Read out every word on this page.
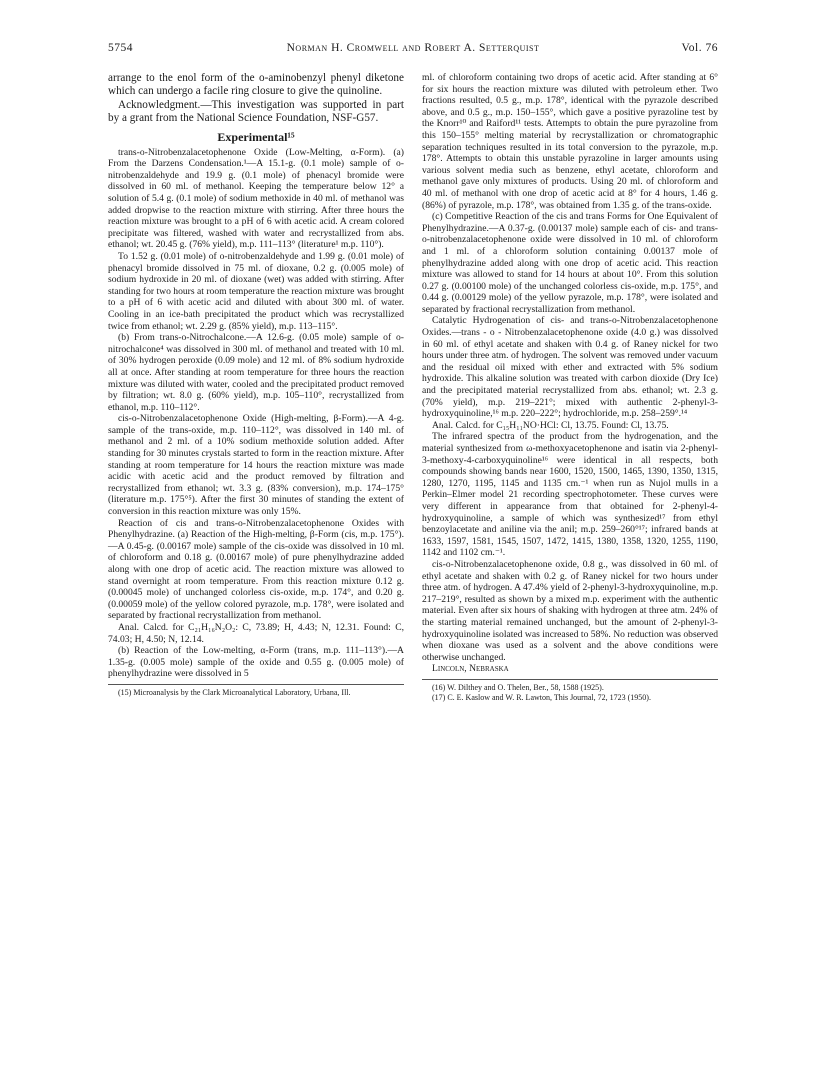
5754	Norman H. Cromwell and Robert A. Setterquist	Vol. 76

arrange to the enol form of the o-aminobenzyl phenyl diketone which can undergo a facile ring closure to give the quinoline.

Acknowledgment.—This investigation was supported in part by a grant from the National Science Foundation, NSF-G57.

Experimental¹⁵

trans-o-Nitrobenzalacetophenone Oxide (Low-Melting, α-Form). (a) From the Darzens Condensation.¹—A 15.1-g. (0.1 mole) sample of o-nitrobenzaldehyde and 19.9 g. (0.1 mole) of phenacyl bromide were dissolved in 60 ml. of methanol. Keeping the temperature below 12° a solution of 5.4 g. (0.1 mole) of sodium methoxide in 40 ml. of methanol was added dropwise to the reaction mixture with stirring. After three hours the reaction mixture was brought to a pH of 6 with acetic acid. A cream colored precipitate was filtered, washed with water and recrystallized from abs. ethanol; wt. 20.45 g. (76% yield), m.p. 111–113° (literature¹ m.p. 110°).

To 1.52 g. (0.01 mole) of o-nitrobenzaldehyde and 1.99 g. (0.01 mole) of phenacyl bromide dissolved in 75 ml. of dioxane, 0.2 g. (0.005 mole) of sodium hydroxide in 20 ml. of dioxane (wet) was added with stirring. After standing for two hours at room temperature the reaction mixture was brought to a pH of 6 with acetic acid and diluted with about 300 ml. of water. Cooling in an ice-bath precipitated the product which was recrystallized twice from ethanol; wt. 2.29 g. (85% yield), m.p. 113–115°.

(b) From trans-o-Nitrochalcone.—A 12.6-g. (0.05 mole) sample of o-nitrochalcone⁴ was dissolved in 300 ml. of methanol and treated with 10 ml. of 30% hydrogen peroxide (0.09 mole) and 12 ml. of 8% sodium hydroxide all at once. After standing at room temperature for three hours the reaction mixture was diluted with water, cooled and the precipitated product removed by filtration; wt. 8.0 g. (60% yield), m.p. 105–110°, recrystallized from ethanol, m.p. 110–112°.

cis-o-Nitrobenzalacetophenone Oxide (High-melting, β-Form).—A 4-g. sample of the trans-oxide, m.p. 110–112°, was dissolved in 140 ml. of methanol and 2 ml. of a 10% sodium methoxide solution added. After standing for 30 minutes crystals started to form in the reaction mixture. After standing at room temperature for 14 hours the reaction mixture was made acidic with acetic acid and the product removed by filtration and recrystallized from ethanol; wt. 3.3 g. (83% conversion), m.p. 174–175° (literature m.p. 175°⁵). After the first 30 minutes of standing the extent of conversion in this reaction mixture was only 15%.

Reaction of cis and trans-o-Nitrobenzalacetophenone Oxides with Phenylhydrazine. (a) Reaction of the High-melting, β-Form (cis, m.p. 175°).—A 0.45-g. (0.00167 mole) sample of the cis-oxide was dissolved in 10 ml. of chloroform and 0.18 g. (0.00167 mole) of pure phenylhydrazine added along with one drop of acetic acid. The reaction mixture was allowed to stand overnight at room temperature. From this reaction mixture 0.12 g. (0.00045 mole) of unchanged colorless cis-oxide, m.p. 174°, and 0.20 g. (0.00059 mole) of the yellow colored pyrazole, m.p. 178°, were isolated and separated by fractional recrystallization from methanol.

Anal. Calcd. for C₂₁H₁₆N₂O₂: C, 73.89; H, 4.43; N, 12.31. Found: C, 74.03; H, 4.50; N, 12.14.

(b) Reaction of the Low-melting, α-Form (trans, m.p. 111–113°).—A 1.35-g. (0.005 mole) sample of the oxide and 0.55 g. (0.005 mole) of phenylhydrazine were dissolved in 5

(15) Microanalysis by the Clark Microanalytical Laboratory, Urbana, Ill.

ml. of chloroform containing two drops of acetic acid. After standing at 6° for six hours the reaction mixture was diluted with petroleum ether. Two fractions resulted, 0.5 g., m.p. 178°, identical with the pyrazole described above, and 0.5 g., m.p. 150–155°, which gave a positive pyrazoline test by the Knorr¹⁰ and Raiford¹¹ tests. Attempts to obtain the pure pyrazoline from this 150–155° melting material by recrystallization or chromatographic separation techniques resulted in its total conversion to the pyrazole, m.p. 178°. Attempts to obtain this unstable pyrazoline in larger amounts using various solvent media such as benzene, ethyl acetate, chloroform and methanol gave only mixtures of products. Using 20 ml. of chloroform and 40 ml. of methanol with one drop of acetic acid at 8° for 4 hours, 1.46 g. (86%) of pyrazole, m.p. 178°, was obtained from 1.35 g. of the trans-oxide.

(c) Competitive Reaction of the cis and trans Forms for One Equivalent of Phenylhydrazine.—A 0.37-g. (0.00137 mole) sample each of cis- and trans-o-nitrobenzalacetophenone oxide were dissolved in 10 ml. of chloroform and 1 ml. of a chloroform solution containing 0.00137 mole of phenylhydrazine added along with one drop of acetic acid. This reaction mixture was allowed to stand for 14 hours at about 10°. From this solution 0.27 g. (0.00100 mole) of the unchanged colorless cis-oxide, m.p. 175°, and 0.44 g. (0.00129 mole) of the yellow pyrazole, m.p. 178°, were isolated and separated by fractional recrystallization from methanol.

Catalytic Hydrogenation of cis- and trans-o-Nitrobenzalacetophenone Oxides.—trans - o - Nitrobenzalacetophenone oxide (4.0 g.) was dissolved in 60 ml. of ethyl acetate and shaken with 0.4 g. of Raney nickel for two hours under three atm. of hydrogen. The solvent was removed under vacuum and the residual oil mixed with ether and extracted with 5% sodium hydroxide. This alkaline solution was treated with carbon dioxide (Dry Ice) and the precipitated material recrystallized from abs. ethanol; wt. 2.3 g. (70% yield), m.p. 219–221°; mixed with authentic 2-phenyl-3-hydroxyquinoline,¹⁶ m.p. 220–222°; hydrochloride, m.p. 258–259°.¹⁴

Anal. Calcd. for C₁₅H₁₁NO·HCl: Cl, 13.75. Found: Cl, 13.75.

The infrared spectra of the product from the hydrogenation, and the material synthesized from ω-methoxyacetophenone and isatin via 2-phenyl-3-methoxy-4-carboxyquinoline¹⁶ were identical in all respects, both compounds showing bands near 1600, 1520, 1500, 1465, 1390, 1350, 1315, 1280, 1270, 1195, 1145 and 1135 cm.⁻¹ when run as Nujol mulls in a Perkin–Elmer model 21 recording spectrophotometer. These curves were very different in appearance from that obtained for 2-phenyl-4-hydroxyquinoline, a sample of which was synthesized¹⁷ from ethyl benzoylacetate and aniline via the anil; m.p. 259–260°¹⁷; infrared bands at 1633, 1597, 1581, 1545, 1507, 1472, 1415, 1380, 1358, 1320, 1255, 1190, 1142 and 1102 cm.⁻¹.

cis-o-Nitrobenzalacetophenone oxide, 0.8 g., was dissolved in 60 ml. of ethyl acetate and shaken with 0.2 g. of Raney nickel for two hours under three atm. of hydrogen. A 47.4% yield of 2-phenyl-3-hydroxyquinoline, m.p. 217–219°, resulted as shown by a mixed m.p. experiment with the authentic material. Even after six hours of shaking with hydrogen at three atm. 24% of the starting material remained unchanged, but the amount of 2-phenyl-3-hydroxyquinoline isolated was increased to 58%. No reduction was observed when dioxane was used as a solvent and the above conditions were otherwise unchanged.

Lincoln, Nebraska

(16) W. Dilthey and O. Thelen, Ber., 58, 1588 (1925).
(17) C. E. Kaslow and W. R. Lawton, This Journal, 72, 1723 (1950).
